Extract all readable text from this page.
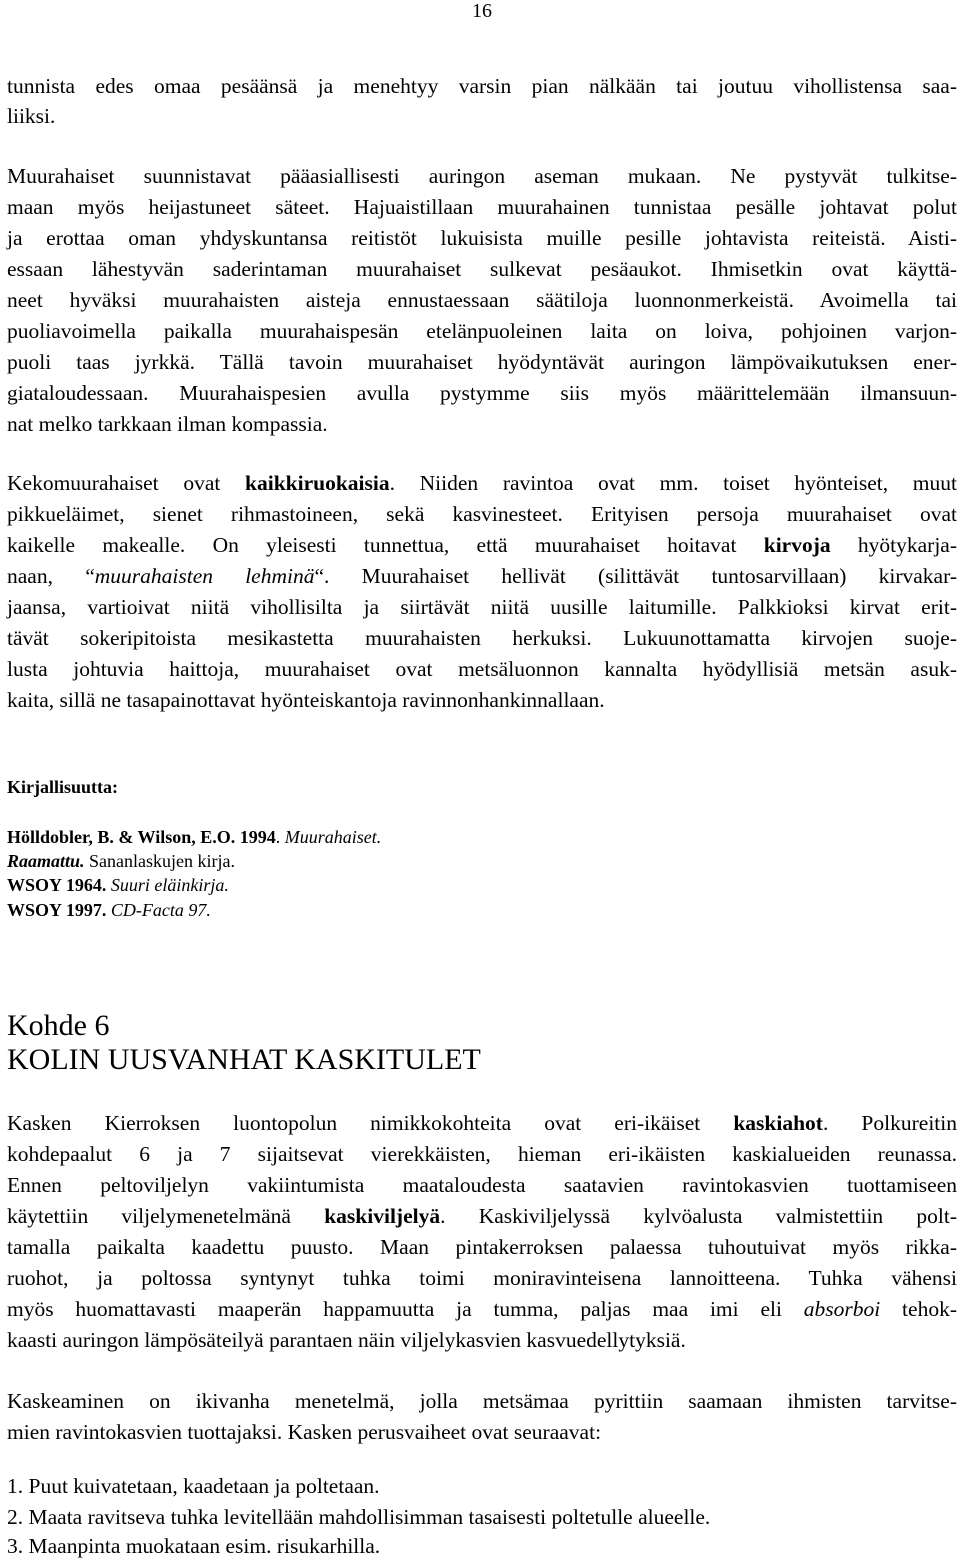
16
tunnista edes omaa pesäänsä ja menehtyy varsin pian nälkään tai joutuu vihollistensa saa-
liiksi.
Muurahaiset suunnistavat pääasiallisesti auringon aseman mukaan. Ne pystyvät tulkitse-
maan myös heijastuneet säteet. Hajuaistillaan muurahainen tunnistaa pesälle johtavat polut
ja erottaa oman yhdyskuntansa reitistöt lukuisista muille pesille johtavista reiteistä. Aisti-
essaan lähestyvän saderintaman muurahaiset sulkevat pesäaukot. Ihmisetkin ovat käyttä-
neet hyväksi muurahaisten aisteja ennustaessaan säätiloja luonnonmerkeistä. Avoimella tai
puoliavoimella paikalla muurahaispesän etelänpuoleinen laita on loiva, pohjoinen varjon-
puoli taas jyrkkä. Tällä tavoin muurahaiset hyödyntävät auringon lämpövaikutuksen ener-
giataloudessaan. Muurahaispesien avulla pystymme siis myös määrittelemään ilmansuun-
nat melko tarkkaan ilman kompassia.
Kekomuurahaiset ovat kaikkiruokaisia. Niiden ravintoa ovat mm. toiset hyönteiset, muut
pikkueläimet, sienet rihmastoineen, sekä kasvinesteet. Erityisen persoja muurahaiset ovat
kaikelle makealle. On yleisesti tunnettua, että muurahaiset hoitavat kirvoja hyötykarja-
naan, “muurahaisten lehminä“. Muurahaiset hellivät (silittävät tuntosarvillaan) kirvakar-
jaansa, vartioivat niitä vihollisilta ja siirtävät niitä uusille laitumille. Palkkioksi kirvat erit-
tävät sokeripitoista mesikastetta muurahaisten herkuksi. Lukuunottamatta kirvojen suoje-
lusta johtuvia haittoja, muurahaiset ovat metsäluonnon kannalta hyödyllisiä metsän asuk-
kaita, sillä ne tasapainottavat hyönteiskantoja ravinnonhankinnallaan.
Kirjallisuutta:
Hölldobler, B. & Wilson, E.O. 1994. Muurahaiset.
Raamattu. Sananlaskujen kirja.
WSOY 1964. Suuri eläinkirja.
WSOY 1997. CD-Facta 97.
Kohde 6
KOLIN UUSVANHAT KASKITULET
Kasken Kierroksen luontopolun nimikkokohteita ovat eri-ikäiset kaskiahot. Polkureitin
kohdepaalut 6 ja 7 sijaitsevat vierekkäisten, hieman eri-ikäisten kaskialueiden reunassa.
Ennen peltoviljelyn vakiintumista maataloudesta saatavien ravintokasvien tuottamiseen
käytettiin viljelymenetelmänä kaskiviljelyä. Kaskiviljelyssä kylvöalusta valmistettiin polt-
tamalla paikalta kaadettu puusto. Maan pintakerroksen palaessa tuhoutuivat myös rikka-
ruohot, ja poltossa syntynyt tuhka toimi moniravinteisena lannoitteena. Tuhka vähensi
myös huomattavasti maaperän happamuutta ja tumma, paljas maa imi eli absorboi tehok-
kaasti auringon lämpösäteilyä parantaen näin viljelykasvien kasvuedellytyksiä.
Kaskeaminen on ikivanha menetelmä, jolla metsämaa pyrittiin saamaan ihmisten tarvitse-
mien ravintokasvien tuottajaksi. Kasken perusvaiheet ovat seuraavat:
1. Puut kuivatetaan, kaadetaan ja poltetaan.
2. Maata ravitseva tuhka levitellään mahdollisimman tasaisesti poltetulle alueelle.
3. Maanpinta muokataan esim. risukarhilla.
